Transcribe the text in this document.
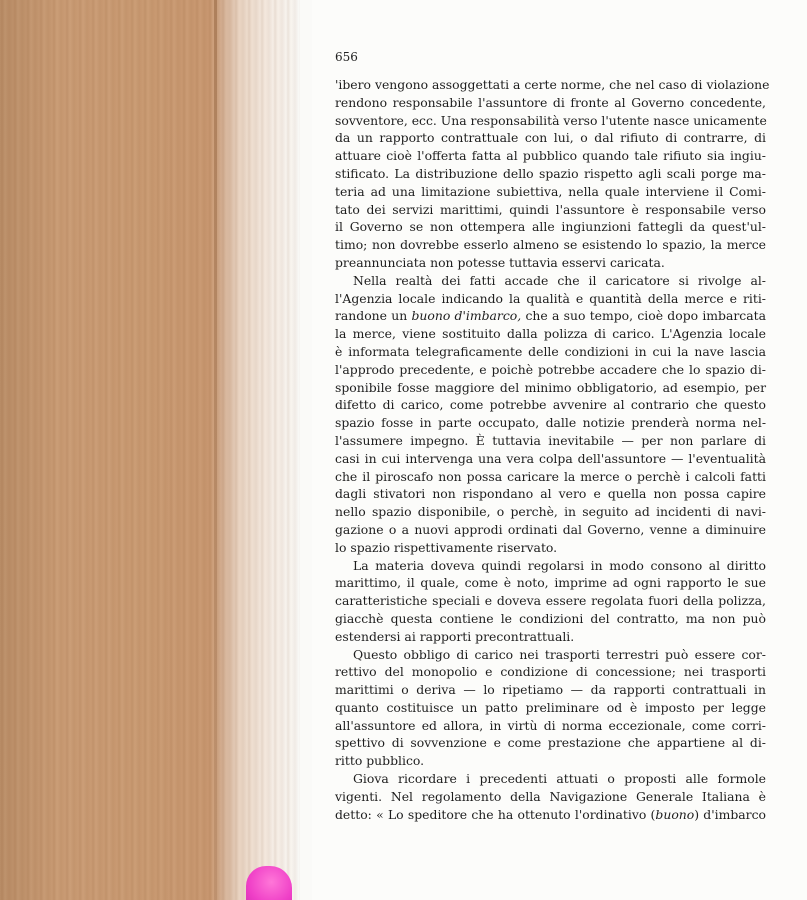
656
'ibero vengono assoggettati a certe norme, che nel caso di violazione
rendono responsabile l'assuntore di fronte al Governo concedente,
sovventore, ecc. Una responsabilità verso l'utente nasce unicamente
da un rapporto contrattuale con lui, o dal rifiuto di contrarre, di
attuare cioè l'offerta fatta al pubblico quando tale rifiuto sia ingiu-
stificato. La distribuzione dello spazio rispetto agli scali porge ma-
teria ad una limitazione subiettiva, nella quale interviene il Comi-
tato dei servizi marittimi, quindi l'assuntore è responsabile verso
il Governo se non ottempera alle ingiunzioni fattegli da quest'ul-
timo; non dovrebbe esserlo almeno se esistendo lo spazio, la merce
preannunciata non potesse tuttavia esservi caricata.
Nella realtà dei fatti accade che il caricatore si rivolge al-
l'Agenzia locale indicando la qualità e quantità della merce e riti-
randone un buono d'imbarco, che a suo tempo, cioè dopo imbarcata
la merce, viene sostituito dalla polizza di carico. L'Agenzia locale
è informata telegraficamente delle condizioni in cui la nave lascia
l'approdo precedente, e poichè potrebbe accadere che lo spazio di-
sponibile fosse maggiore del minimo obbligatorio, ad esempio, per
difetto di carico, come potrebbe avvenire al contrario che questo
spazio fosse in parte occupato, dalle notizie prenderà norma nel-
l'assumere impegno. È tuttavia inevitabile — per non parlare di
casi in cui intervenga una vera colpa dell'assuntore — l'eventualità
che il piroscafo non possa caricare la merce o perchè i calcoli fatti
dagli stivatori non rispondano al vero e quella non possa capire
nello spazio disponibile, o perchè, in seguito ad incidenti di navi-
gazione o a nuovi approdi ordinati dal Governo, venne a diminuire
lo spazio rispettivamente riservato.
La materia doveva quindi regolarsi in modo consono al diritto
marittimo, il quale, come è noto, imprime ad ogni rapporto le sue
caratteristiche speciali e doveva essere regolata fuori della polizza,
giacchè questa contiene le condizioni del contratto, ma non può
estendersi ai rapporti precontrattuali.
Questo obbligo di carico nei trasporti terrestri può essere cor-
rettivo del monopolio e condizione di concessione; nei trasporti
marittimi o deriva — lo ripetiamo — da rapporti contrattuali in
quanto costituisce un patto preliminare od è imposto per legge
all'assuntore ed allora, in virtù di norma eccezionale, come corri-
spettivo di sovvenzione e come prestazione che appartiene al di-
ritto pubblico.
Giova ricordare i precedenti attuati o proposti alle formole
vigenti. Nel regolamento della Navigazione Generale Italiana è
detto: « Lo speditore che ha ottenuto l'ordinativo (buono) d'imbarco
